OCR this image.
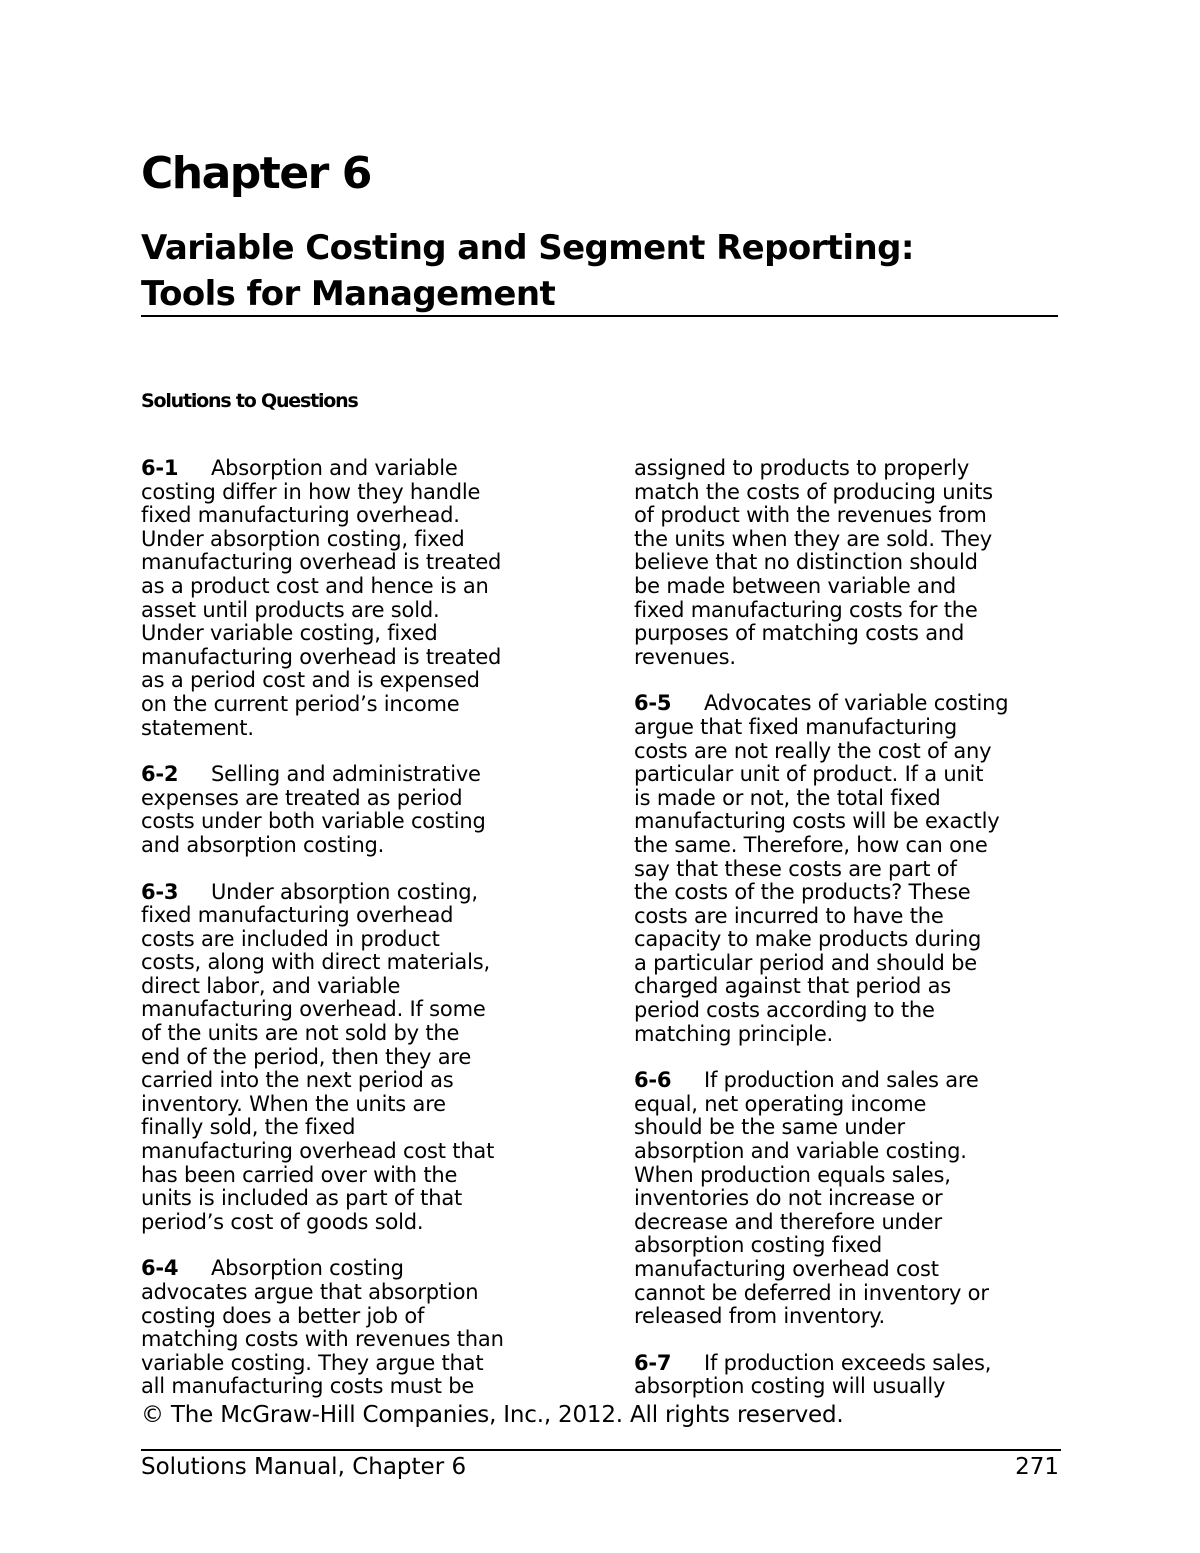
Chapter 6
Variable Costing and Segment Reporting:
Tools for Management
Solutions to Questions

6-1 Absorption and variable
costing differ in how they handle
fixed manufacturing overhead.
Under absorption costing, fixed
manufacturing overhead is treated
as a product cost and hence is an
asset until products are sold.
Under variable costing, fixed
manufacturing overhead is treated
as a period cost and is expensed
on the current period’s income
statement.

6-2 Selling and administrative
expenses are treated as period
costs under both variable costing
and absorption costing.

6-3 Under absorption costing,
fixed manufacturing overhead
costs are included in product
costs, along with direct materials,
direct labor, and variable
manufacturing overhead. If some
of the units are not sold by the
end of the period, then they are
carried into the next period as
inventory. When the units are
finally sold, the fixed
manufacturing overhead cost that
has been carried over with the
units is included as part of that
period’s cost of goods sold.

6-4 Absorption costing
advocates argue that absorption
costing does a better job of
matching costs with revenues than
variable costing. They argue that
all manufacturing costs must be

assigned to products to properly
match the costs of producing units
of product with the revenues from
the units when they are sold. They
believe that no distinction should
be made between variable and
fixed manufacturing costs for the
purposes of matching costs and
revenues.

6-5 Advocates of variable costing
argue that fixed manufacturing
costs are not really the cost of any
particular unit of product. If a unit
is made or not, the total fixed
manufacturing costs will be exactly
the same. Therefore, how can one
say that these costs are part of
the costs of the products? These
costs are incurred to have the
capacity to make products during
a particular period and should be
charged against that period as
period costs according to the
matching principle.

6-6 If production and sales are
equal, net operating income
should be the same under
absorption and variable costing.
When production equals sales,
inventories do not increase or
decrease and therefore under
absorption costing fixed
manufacturing overhead cost
cannot be deferred in inventory or
released from inventory.

6-7 If production exceeds sales,
absorption costing will usually

© The McGraw-Hill Companies, Inc., 2012. All rights reserved.
Solutions Manual, Chapter 6	271
